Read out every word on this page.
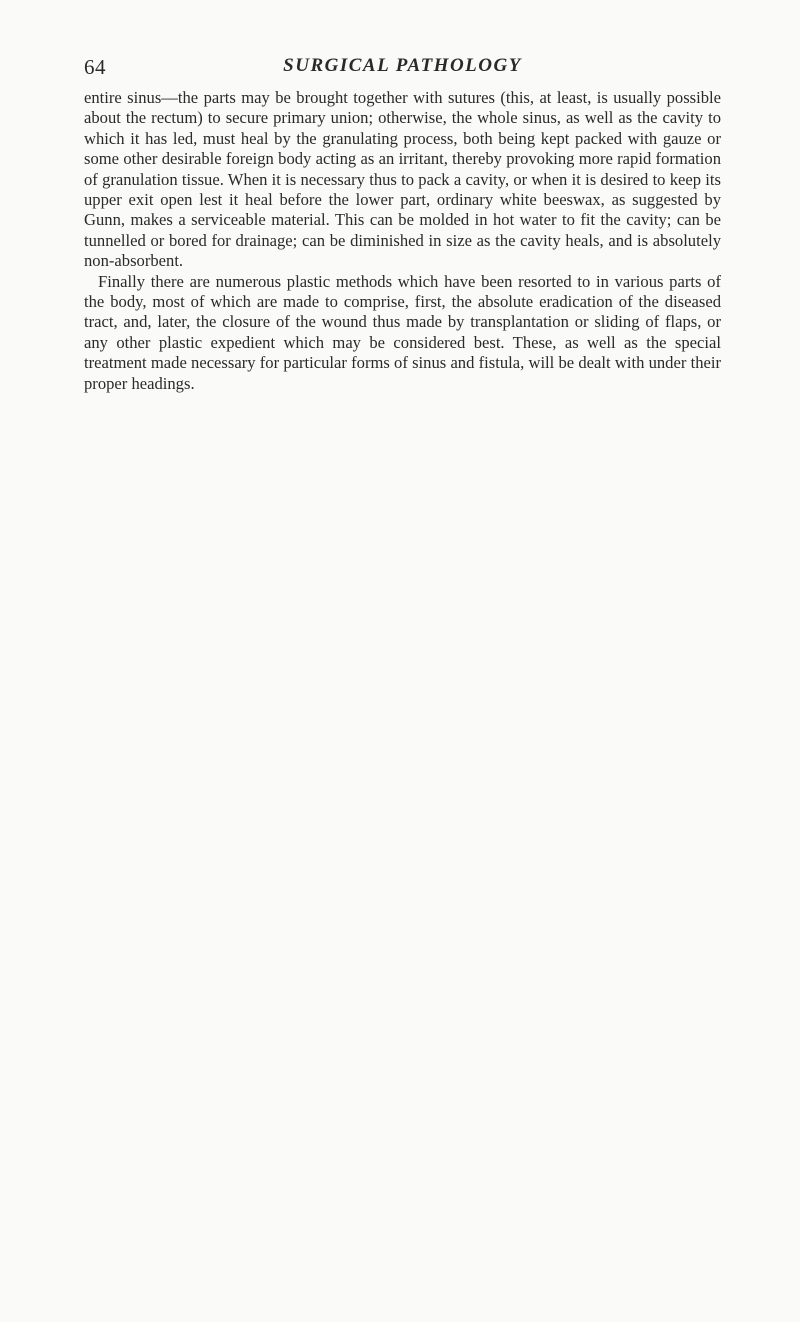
64	SURGICAL PATHOLOGY

entire sinus—the parts may be brought together with sutures (this, at least, is usually possible about the rectum) to secure primary union; otherwise, the whole sinus, as well as the cavity to which it has led, must heal by the granulating process, both being kept packed with gauze or some other desirable foreign body acting as an irritant, thereby provoking more rapid formation of granulation tissue. When it is necessary thus to pack a cavity, or when it is desired to keep its upper exit open lest it heal before the lower part, ordinary white beeswax, as suggested by Gunn, makes a serviceable material. This can be molded in hot water to fit the cavity; can be tunnelled or bored for drainage; can be diminished in size as the cavity heals, and is absolutely non-absorbent.

Finally there are numerous plastic methods which have been resorted to in various parts of the body, most of which are made to comprise, first, the absolute eradication of the diseased tract, and, later, the closure of the wound thus made by transplantation or sliding of flaps, or any other plastic expedient which may be considered best. These, as well as the special treatment made necessary for particular forms of sinus and fistula, will be dealt with under their proper headings.
